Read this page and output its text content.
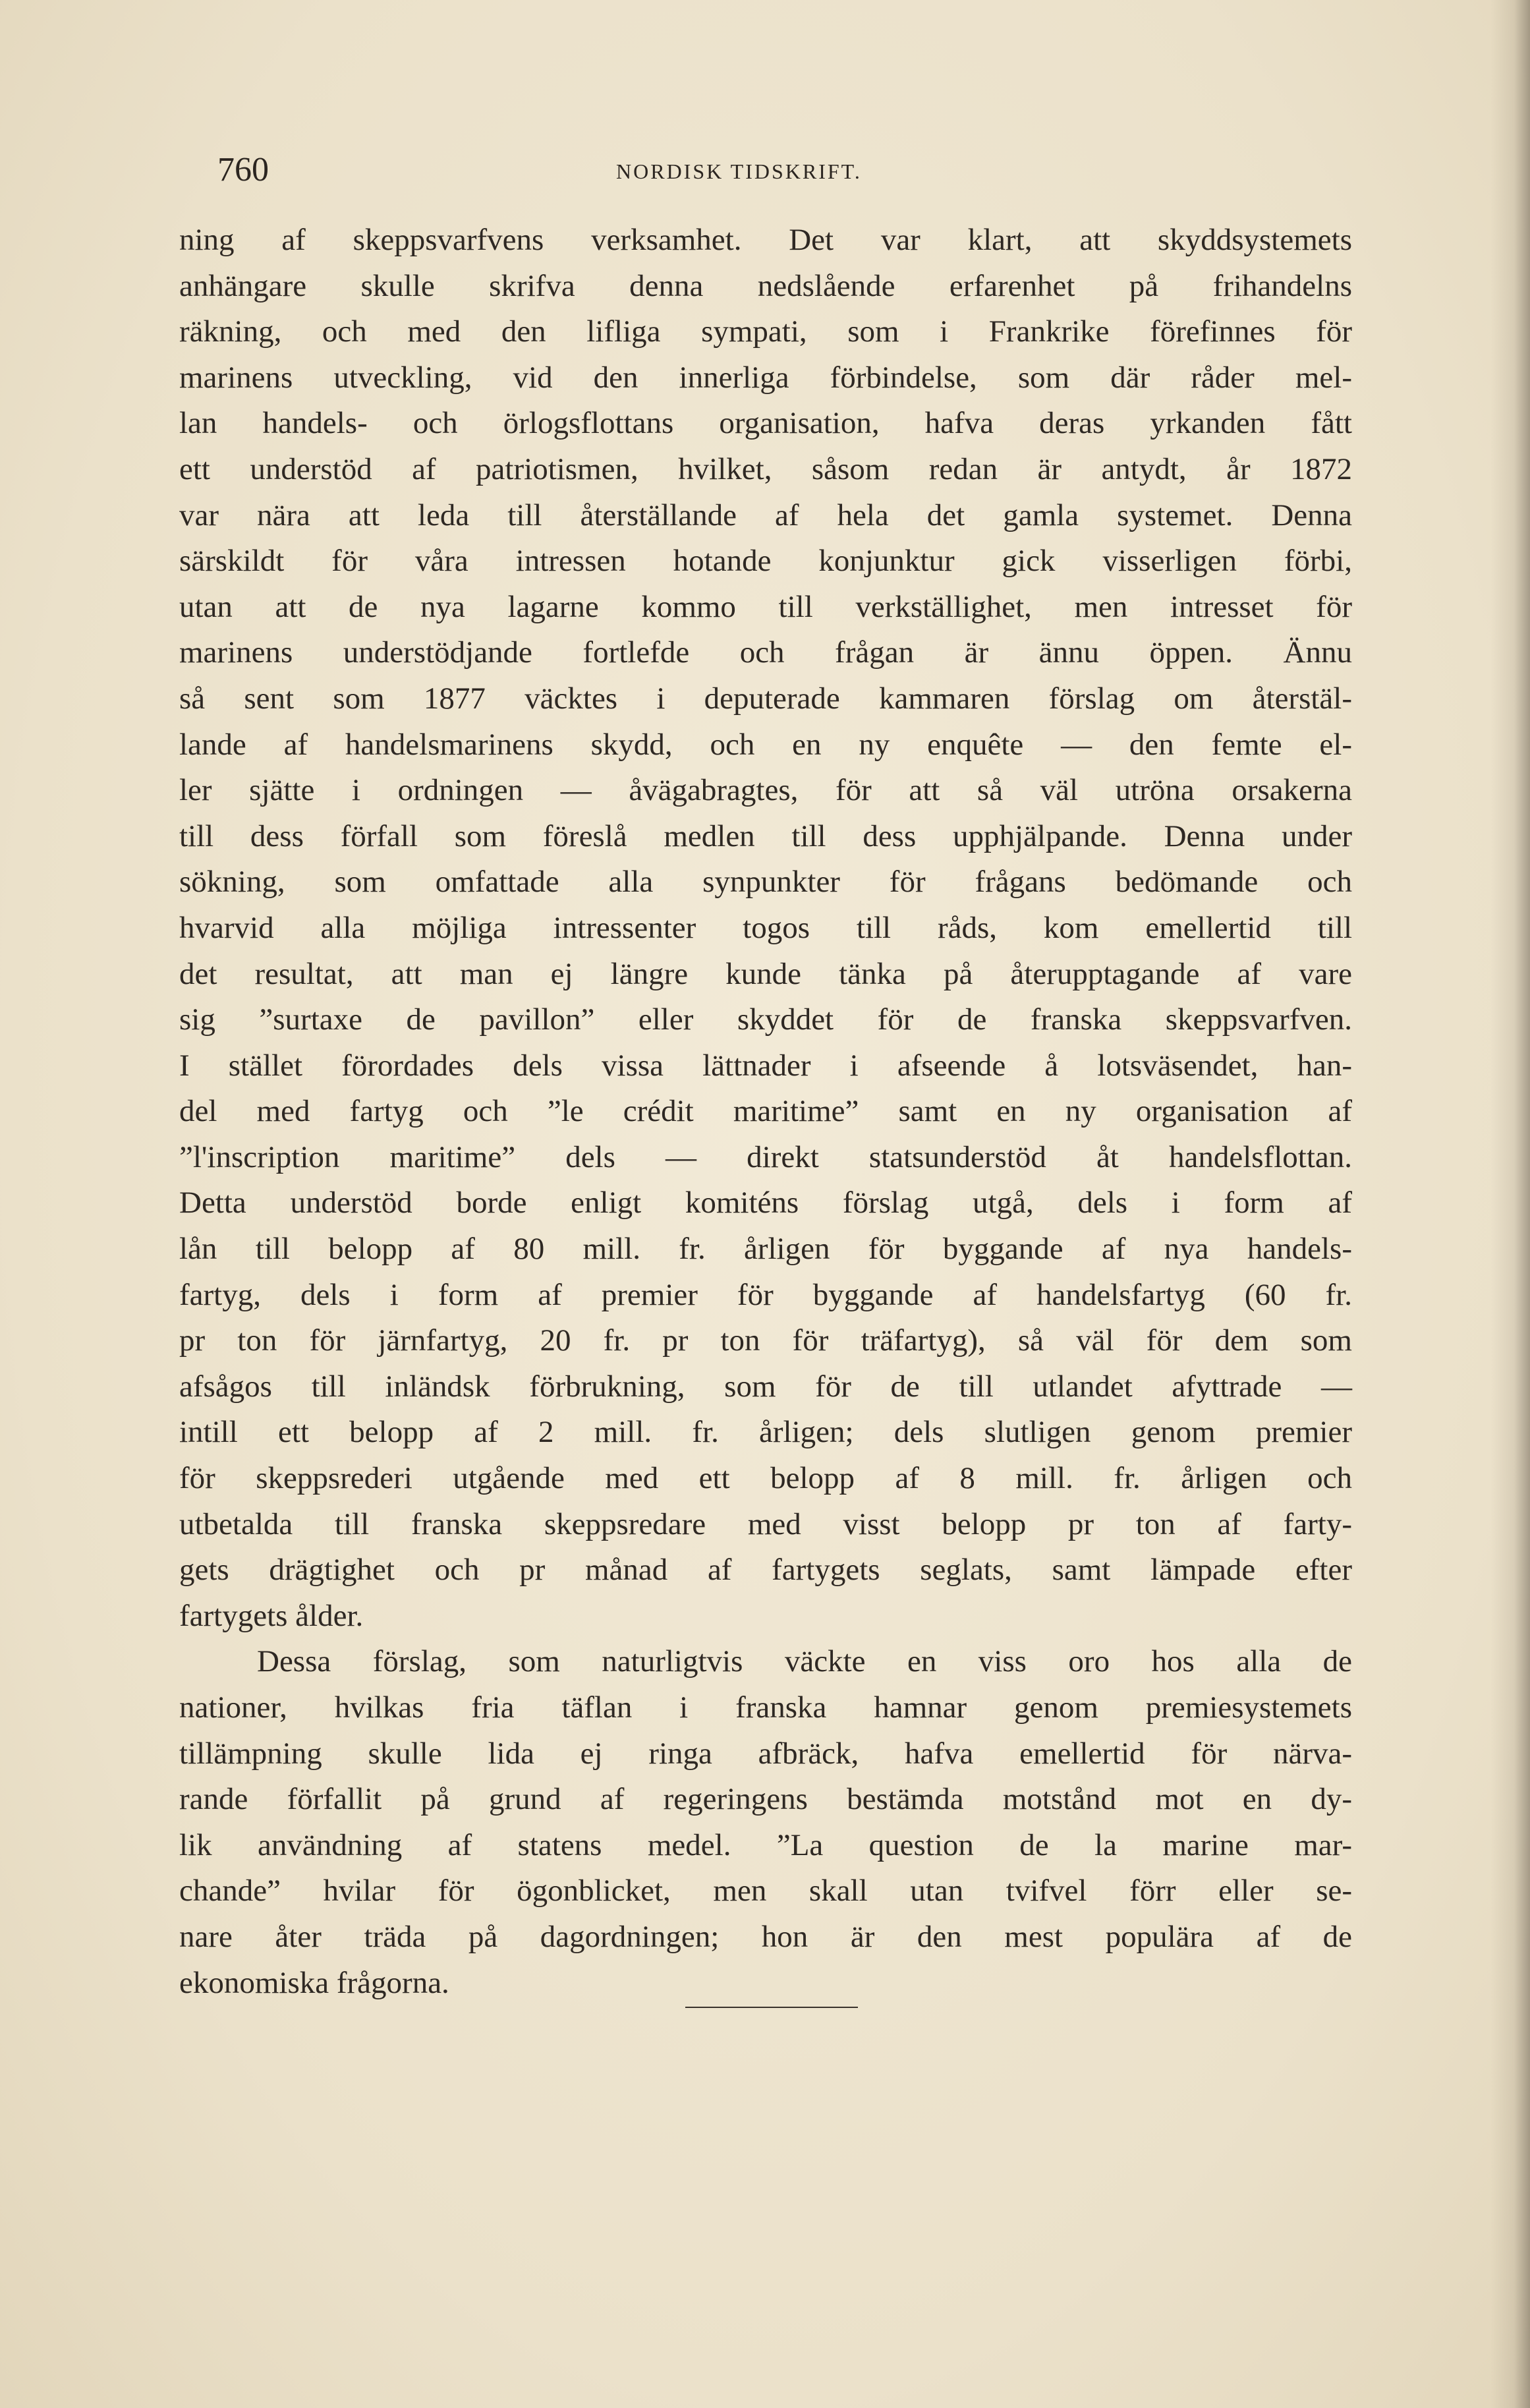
760	NORDISK TIDSKRIFT.
ning af skeppsvarfvens verksamhet. Det var klart, att skyddsystemets
anhängare skulle skrifva denna nedslående erfarenhet på frihandelns
räkning, och med den lifliga sympati, som i Frankrike förefinnes för
marinens utveckling, vid den innerliga förbindelse, som där råder mel-
lan handels- och örlogsflottans organisation, hafva deras yrkanden fått
ett understöd af patriotismen, hvilket, såsom redan är antydt, år 1872
var nära att leda till återställande af hela det gamla systemet. Denna
särskildt för våra intressen hotande konjunktur gick visserligen förbi,
utan att de nya lagarne kommo till verkställighet, men intresset för
marinens understödjande fortlefde och frågan är ännu öppen. Ännu
så sent som 1877 väcktes i deputerade kammaren förslag om återstäl-
lande af handelsmarinens skydd, och en ny enquête — den femte el-
ler sjätte i ordningen — åvägabragtes, för att så väl utröna orsakerna
till dess förfall som föreslå medlen till dess upphjälpande. Denna under
sökning, som omfattade alla synpunkter för frågans bedömande och
hvarvid alla möjliga intressenter togos till råds, kom emellertid till
det resultat, att man ej längre kunde tänka på återupptagande af vare
sig ”surtaxe de pavillon” eller skyddet för de franska skeppsvarfven.
I stället förordades dels vissa lättnader i afseende å lotsväsendet, han-
del med fartyg och ”le crédit maritime” samt en ny organisation af
”l'inscription maritime” dels — direkt statsunderstöd åt handelsflottan.
Detta understöd borde enligt komiténs förslag utgå, dels i form af
lån till belopp af 80 mill. fr. årligen för byggande af nya handels-
fartyg, dels i form af premier för byggande af handelsfartyg (60 fr.
pr ton för järnfartyg, 20 fr. pr ton för träfartyg), så väl för dem som
afsågos till inländsk förbrukning, som för de till utlandet afyttrade —
intill ett belopp af 2 mill. fr. årligen; dels slutligen genom premier
för skeppsrederi utgående med ett belopp af 8 mill. fr. årligen och
utbetalda till franska skeppsredare med visst belopp pr ton af farty-
gets drägtighet och pr månad af fartygets seglats, samt lämpade efter
fartygets ålder.
Dessa förslag, som naturligtvis väckte en viss oro hos alla de
nationer, hvilkas fria täflan i franska hamnar genom premiesystemets
tillämpning skulle lida ej ringa afbräck, hafva emellertid för närva-
rande förfallit på grund af regeringens bestämda motstånd mot en dy-
lik användning af statens medel. ”La question de la marine mar-
chande” hvilar för ögonblicket, men skall utan tvifvel förr eller se-
nare åter träda på dagordningen; hon är den mest populära af de
ekonomiska frågorna.
